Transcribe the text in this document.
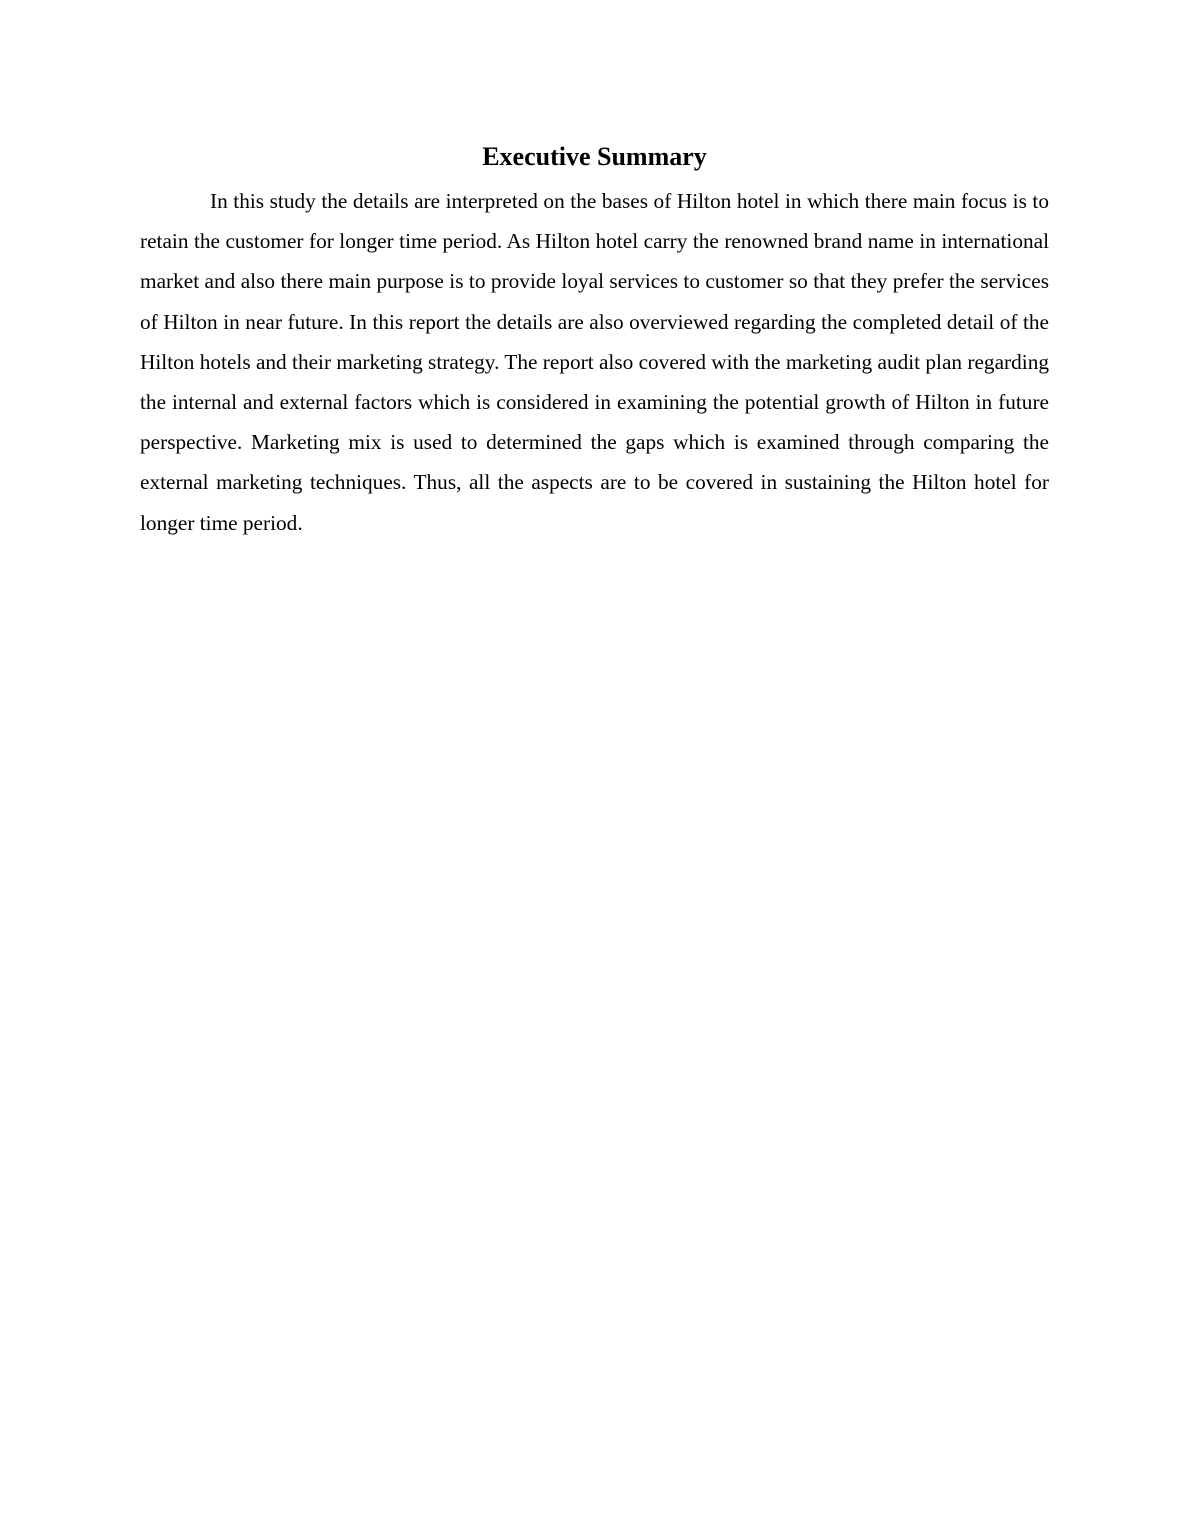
Executive Summary

In this study the details are interpreted on the bases of Hilton hotel in which there main focus is to retain the customer for longer time period. As Hilton hotel carry the renowned brand name in international market and also there main purpose is to provide loyal services to customer so that they prefer the services of Hilton in near future. In this report the details are also overviewed regarding the completed detail of the Hilton hotels and their marketing strategy. The report also covered with the marketing audit plan regarding the internal and external factors which is considered in examining the potential growth of Hilton in future perspective. Marketing mix is used to determined the gaps which is examined through comparing the external marketing techniques. Thus, all the aspects are to be covered in sustaining the Hilton hotel for longer time period.
